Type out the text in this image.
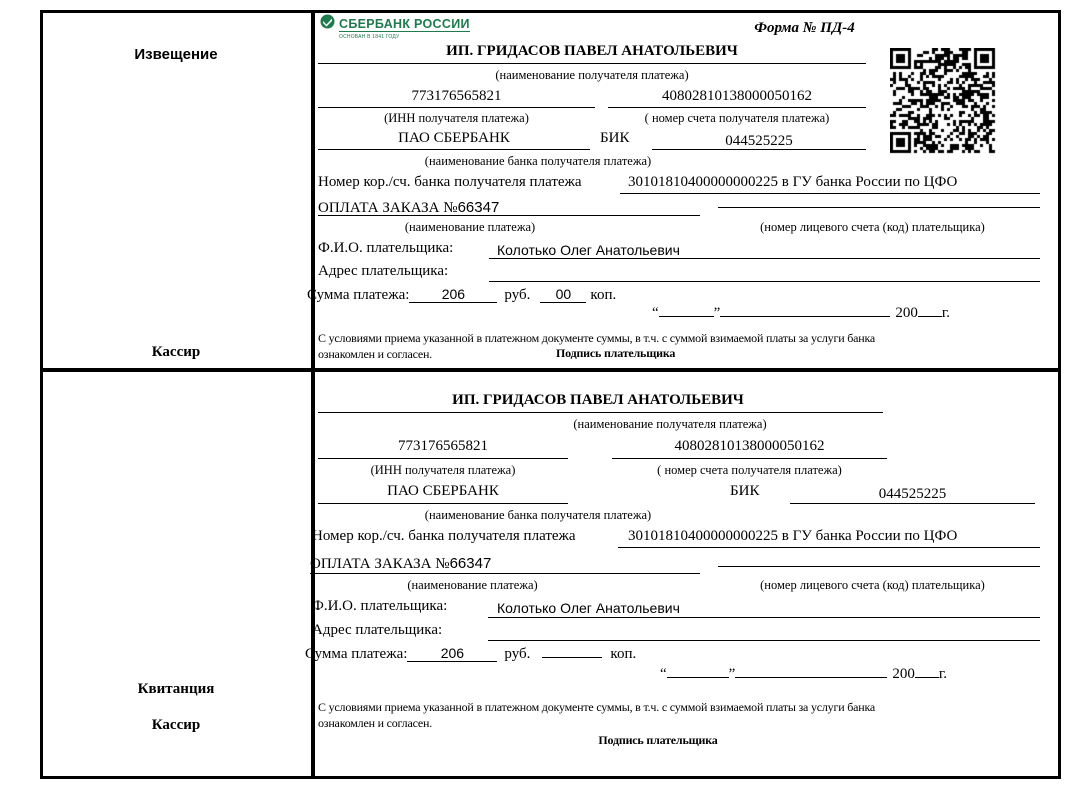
Извещение
Кассир
Квитанция
Кассир
СБЕРБАНК РОССИИ
ОСНОВАН В 1841 ГОДУ
Форма № ПД-4
ИП. ГРИДАСОВ ПАВЕЛ АНАТОЛЬЕВИЧ
(наименование получателя платежа)
773176565821	40802810138000050162
(ИНН получателя платежа)	( номер счета получателя платежа)
ПАО СБЕРБАНК	БИК	044525225
(наименование банка получателя платежа)
Номер кор./сч. банка получателя платежа	30101810400000000225 в ГУ банка России по ЦФО
ОПЛАТА ЗАКАЗА №66347
(наименование платежа)	(номер лицевого счета (код) плательщика)
Ф.И.О. плательщика:	Колотько Олег Анатольевич
Адрес плательщика:
Сумма платежа: 206	руб. 00 коп.
“	”	200 г.
С условиями приема указанной в платежном документе суммы, в т.ч. с суммой взимаемой платы за услуги банка
ознакомлен и согласен.	Подпись плательщика
ИП. ГРИДАСОВ ПАВЕЛ АНАТОЛЬЕВИЧ
(наименование получателя платежа)
773176565821	40802810138000050162
(ИНН получателя платежа)	( номер счета получателя платежа)
ПАО СБЕРБАНК	БИК	044525225
(наименование банка получателя платежа)
Номер кор./сч. банка получателя платежа	30101810400000000225 в ГУ банка России по ЦФО
ОПЛАТА ЗАКАЗА №66347
(наименование платежа)	(номер лицевого счета (код) плательщика)
Ф.И.О. плательщика:	Колотько Олег Анатольевич
Адрес плательщика:
Сумма платежа: 206	руб.	коп.
“	”	200 г.
С условиями приема указанной в платежном документе суммы, в т.ч. с суммой взимаемой платы за услуги банка
ознакомлен и согласен.
Подпись плательщика
